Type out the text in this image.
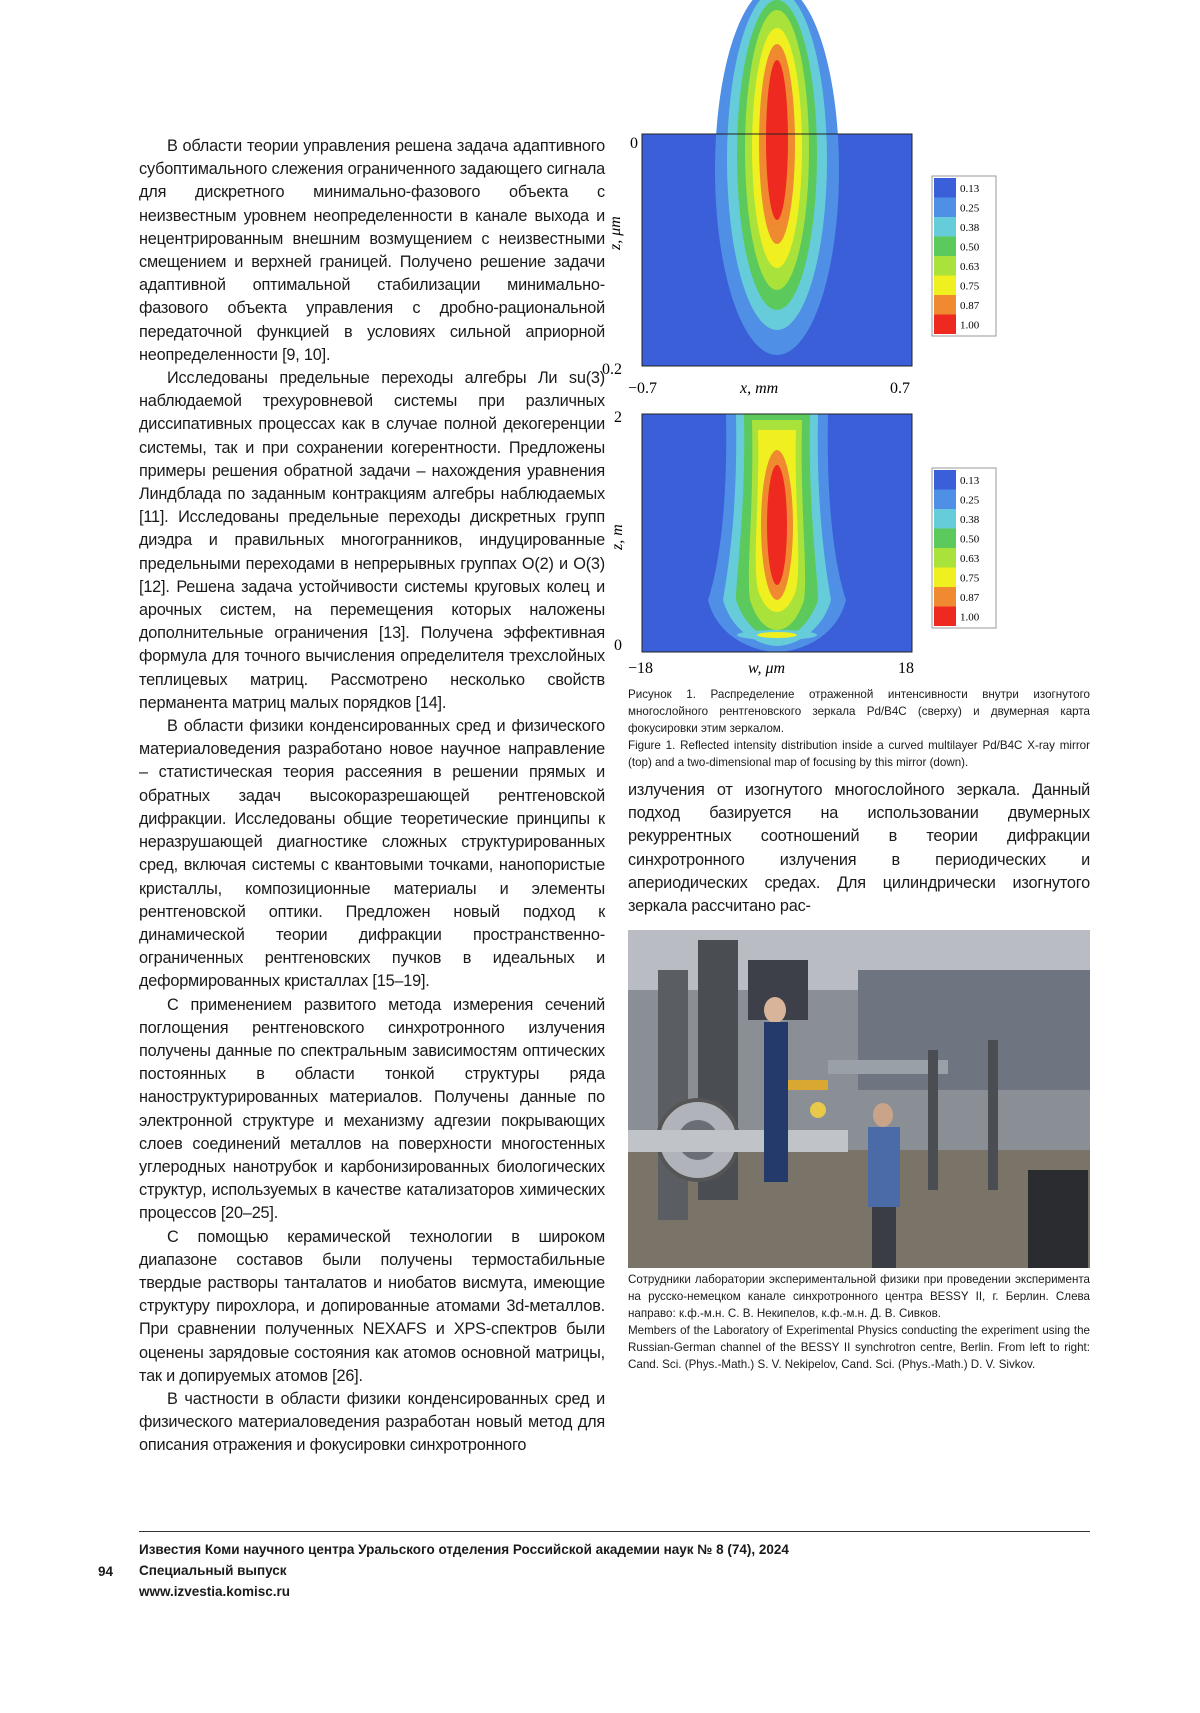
В области теории управления решена задача адаптивного субоптимального слежения ограниченного задающего сигнала для дискретного минимально-фазового объекта с неизвестным уровнем неопределенности в канале выхода и нецентрированным внешним возмущением с неизвестными смещением и верхней границей. Получено решение задачи адаптивной оптимальной стабилизации минимально-фазового объекта управления с дробно-рациональной передаточной функцией в условиях сильной априорной неопределенности [9, 10].

Исследованы предельные переходы алгебры Ли su(3) наблюдаемой трехуровневой системы при различных диссипативных процессах как в случае полной декогеренции системы, так и при сохранении когерентности. Предложены примеры решения обратной задачи – нахождения уравнения Линдблада по заданным контракциям алгебры наблюдаемых [11]. Исследованы предельные переходы дискретных групп диэдра и правильных многогранников, индуцированные предельными переходами в непрерывных группах O(2) и O(3) [12]. Решена задача устойчивости системы круговых колец и арочных систем, на перемещения которых наложены дополнительные ограничения [13]. Получена эффективная формула для точного вычисления определителя трехслойных теплицевых матриц. Рассмотрено несколько свойств перманента матриц малых порядков [14].

В области физики конденсированных сред и физического материаловедения разработано новое научное направление – статистическая теория рассеяния в решении прямых и обратных задач высокоразрешающей рентгеновской дифракции. Исследованы общие теоретические принципы к неразрушающей диагностике сложных структурированных сред, включая системы с квантовыми точками, нанопористые кристаллы, композиционные материалы и элементы рентгеновской оптики. Предложен новый подход к динамической теории дифракции пространственно-ограниченных рентгеновских пучков в идеальных и деформированных кристаллах [15–19].

С применением развитого метода измерения сечений поглощения рентгеновского синхротронного излучения получены данные по спектральным зависимостям оптических постоянных в области тонкой структуры ряда наноструктурированных материалов. Получены данные по электронной структуре и механизму адгезии покрывающих слоев соединений металлов на поверхности многостенных углеродных нанотрубок и карбонизированных биологических структур, используемых в качестве катализаторов химических процессов [20–25].

С помощью керамической технологии в широком диапазоне составов были получены термостабильные твердые растворы танталатов и ниобатов висмута, имеющие структуру пирохлора, и допированные атомами 3d-металлов. При сравнении полученных NEXAFS и XPS-спектров были оценены зарядовые состояния как атомов основной матрицы, так и допируемых атомов [26].

В частности в области физики конденсированных сред и физического материаловедения разработан новый метод для описания отражения и фокусировки синхротронного

0
0.2
z, μm
−0.7	0.7
x, mm
0.13
0.25
0.38
0.50
0.63
0.75
0.87
1.00
2
0
z, m
−18	18
w, μm
0.13
0.25
0.38
0.50
0.63
0.75
0.87
1.00

Рисунок 1. Распределение отраженной интенсивности внутри изогнутого многослойного рентгеновского зеркала Pd/B4C (сверху) и двумерная карта фокусировки этим зеркалом.

Figure 1. Reflected intensity distribution inside a curved multilayer Pd/B4C X-ray mirror (top) and a two-dimensional map of focusing by this mirror (down).

излучения от изогнутого многослойного зеркала. Данный подход базируется на использовании двумерных рекуррентных соотношений в теории дифракции синхротронного излучения в периодических и апериодических средах. Для цилиндрически изогнутого зеркала рассчитано рас-

Сотрудники лаборатории экспериментальной физики при проведении эксперимента на русско-немецком канале синхротронного центра BESSY II, г. Берлин. Слева направо: к.ф.-м.н. С. В. Некипелов, к.ф.-м.н. Д. В. Сивков.

Members of the Laboratory of Experimental Physics conducting the experiment using the Russian-German channel of the BESSY II synchrotron centre, Berlin. From left to right: Cand. Sci. (Phys.-Math.) S. V. Nekipelov, Cand. Sci. (Phys.-Math.) D. V. Sivkov.

94
Известия Коми научного центра Уральского отделения Российской академии наук № 8 (74), 2024
Специальный выпуск
www.izvestia.komisc.ru
